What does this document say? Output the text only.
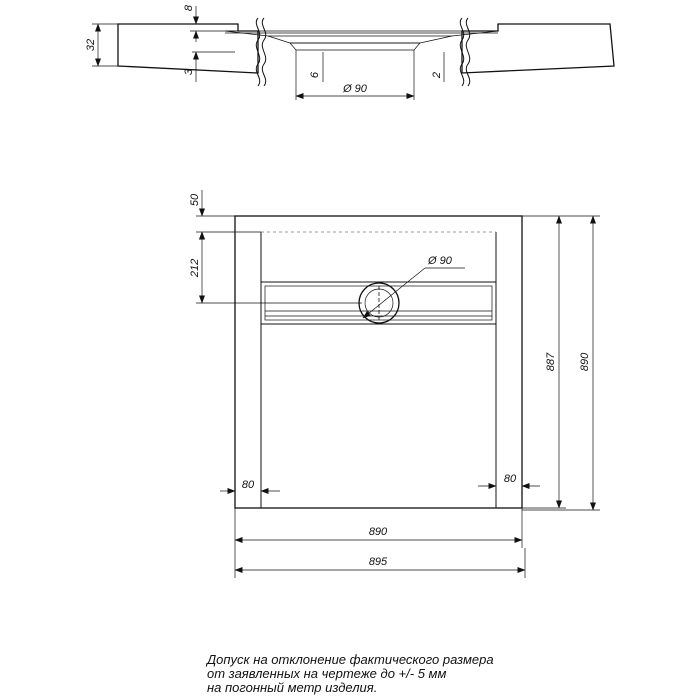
32
8
3	6	2
Ø 90
Ø 90
50
212
887 890
80	80
890
895
Допуск на отклонение фактического размера
от заявленных на чертеже до +/- 5 мм
на погонный метр изделия.
